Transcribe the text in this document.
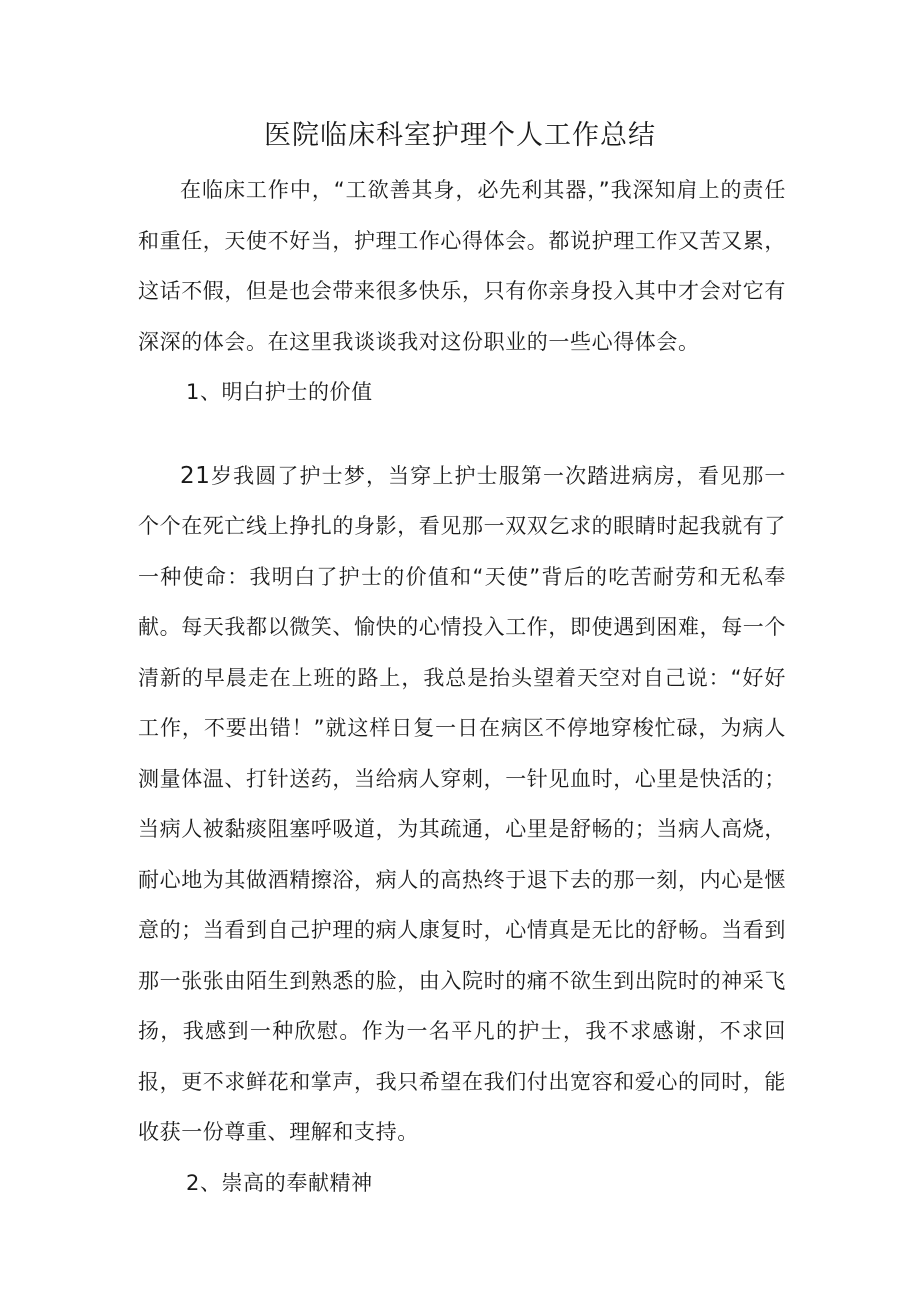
医院临床科室护理个人工作总结

在临床工作中，“工欲善其身，必先利其器，”我深知肩上的责任和重任，天使不好当，护理工作心得体会。都说护理工作又苦又累，这话不假，但是也会带来很多快乐，只有你亲身投入其中才会对它有深深的体会。在这里我谈谈我对这份职业的一些心得体会。

1、明白护士的价值

21岁我圆了护士梦，当穿上护士服第一次踏进病房，看见那一个个在死亡线上挣扎的身影，看见那一双双乞求的眼睛时起我就有了一种使命：我明白了护士的价值和“天使”背后的吃苦耐劳和无私奉献。每天我都以微笑、愉快的心情投入工作，即使遇到困难，每一个清新的早晨走在上班的路上，我总是抬头望着天空对自己说：“好好工作，不要出错！”就这样日复一日在病区不停地穿梭忙碌，为病人测量体温、打针送药，当给病人穿刺，一针见血时，心里是快活的；当病人被黏痰阻塞呼吸道，为其疏通，心里是舒畅的；当病人高烧，耐心地为其做酒精擦浴，病人的高热终于退下去的那一刻，内心是惬意的；当看到自己护理的病人康复时，心情真是无比的舒畅。当看到那一张张由陌生到熟悉的脸，由入院时的痛不欲生到出院时的神采飞扬，我感到一种欣慰。作为一名平凡的护士，我不求感谢，不求回报，更不求鲜花和掌声，我只希望在我们付出宽容和爱心的同时，能收获一份尊重、理解和支持。

2、崇高的奉献精神
